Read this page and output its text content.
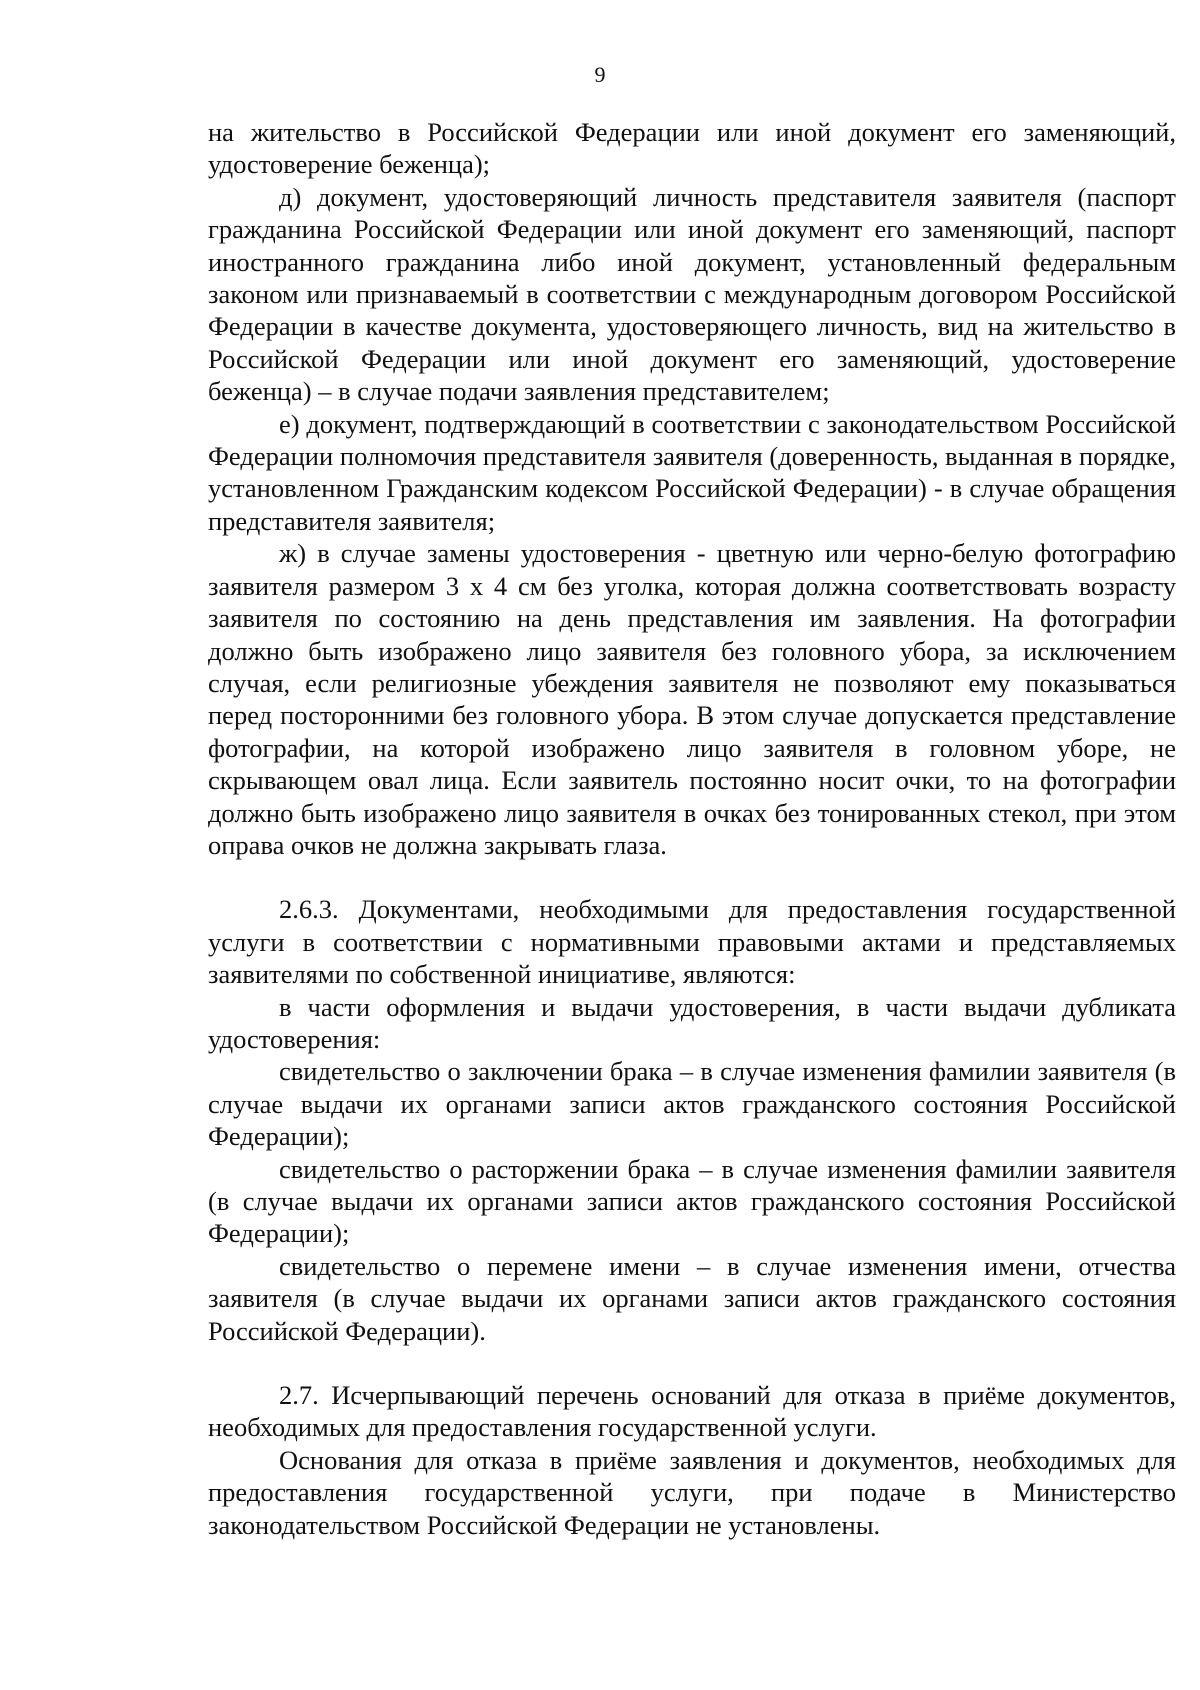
9

на жительство в Российской Федерации или иной документ его заменяющий, удостоверение беженца);

д) документ, удостоверяющий личность представителя заявителя (паспорт гражданина Российской Федерации или иной документ его заменяющий, паспорт иностранного гражданина либо иной документ, установленный федеральным законом или признаваемый в соответствии с международным договором Российской Федерации в качестве документа, удостоверяющего личность, вид на жительство в Российской Федерации или иной документ его заменяющий, удостоверение беженца) – в случае подачи заявления представителем;

е) документ, подтверждающий в соответствии с законодательством Российской Федерации полномочия представителя заявителя (доверенность, выданная в порядке, установленном Гражданским кодексом Российской Федерации) - в случае обращения представителя заявителя;

ж) в случае замены удостоверения - цветную или черно-белую фотографию заявителя размером 3 х 4 см без уголка, которая должна соответствовать возрасту заявителя по состоянию на день представления им заявления. На фотографии должно быть изображено лицо заявителя без головного убора, за исключением случая, если религиозные убеждения заявителя не позволяют ему показываться перед посторонними без головного убора. В этом случае допускается представление фотографии, на которой изображено лицо заявителя в головном уборе, не скрывающем овал лица. Если заявитель постоянно носит очки, то на фотографии должно быть изображено лицо заявителя в очках без тонированных стекол, при этом оправа очков не должна закрывать глаза.

2.6.3. Документами, необходимыми для предоставления государственной услуги в соответствии с нормативными правовыми актами и представляемых заявителями по собственной инициативе, являются:

в части оформления и выдачи удостоверения, в части выдачи дубликата удостоверения:

свидетельство о заключении брака – в случае изменения фамилии заявителя (в случае выдачи их органами записи актов гражданского состояния Российской Федерации);

свидетельство о расторжении брака – в случае изменения фамилии заявителя (в случае выдачи их органами записи актов гражданского состояния Российской Федерации);

свидетельство о перемене имени – в случае изменения имени, отчества заявителя (в случае выдачи их органами записи актов гражданского состояния Российской Федерации).

2.7. Исчерпывающий перечень оснований для отказа в приёме документов, необходимых для предоставления государственной услуги.

Основания для отказа в приёме заявления и документов, необходимых для предоставления государственной услуги, при подаче в Министерство законодательством Российской Федерации не установлены.
